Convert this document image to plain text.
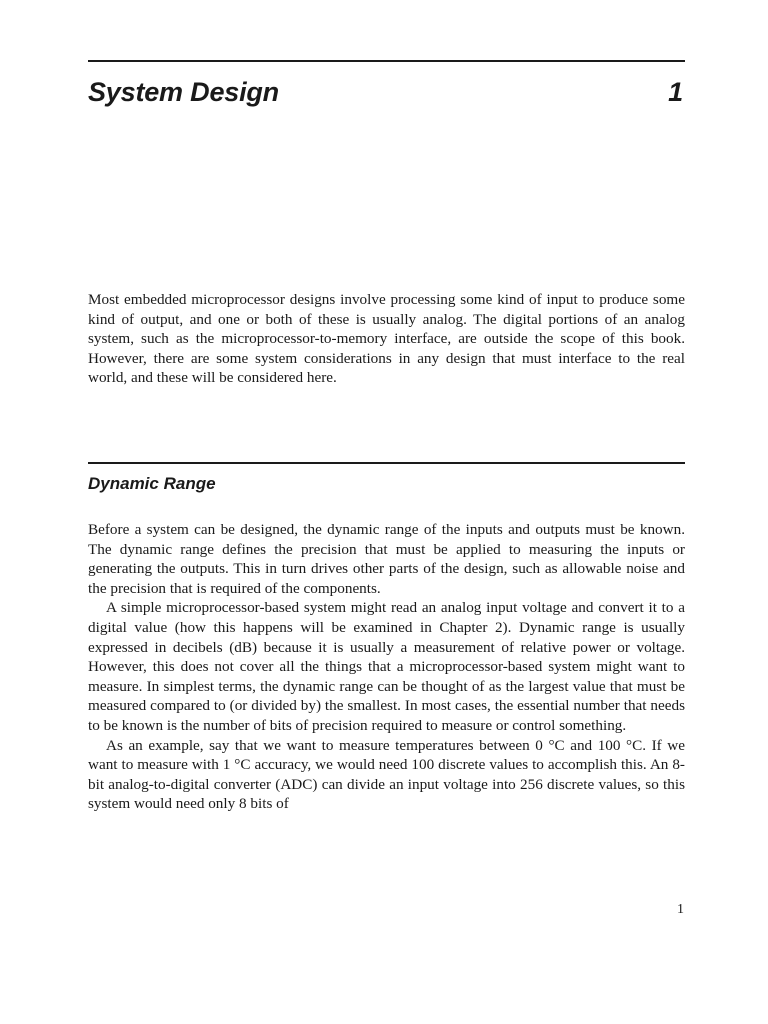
System Design	1

Most embedded microprocessor designs involve processing some kind of input to produce some kind of output, and one or both of these is usually analog. The digital portions of an analog system, such as the microprocessor-to-memory interface, are outside the scope of this book. However, there are some system considerations in any design that must interface to the real world, and these will be considered here.

Dynamic Range

Before a system can be designed, the dynamic range of the inputs and outputs must be known. The dynamic range defines the precision that must be applied to measuring the inputs or generating the outputs. This in turn drives other parts of the design, such as allowable noise and the precision that is required of the components.

A simple microprocessor-based system might read an analog input voltage and convert it to a digital value (how this happens will be examined in Chapter 2). Dynamic range is usually expressed in decibels (dB) because it is usually a measurement of relative power or voltage. However, this does not cover all the things that a microprocessor-based system might want to measure. In simplest terms, the dynamic range can be thought of as the largest value that must be measured compared to (or divided by) the smallest. In most cases, the essential number that needs to be known is the number of bits of precision required to measure or control something.

As an example, say that we want to measure temperatures between 0 °C and 100 °C. If we want to measure with 1 °C accuracy, we would need 100 discrete values to accomplish this. An 8-bit analog-to-digital converter (ADC) can divide an input voltage into 256 discrete values, so this system would need only 8 bits of

1
